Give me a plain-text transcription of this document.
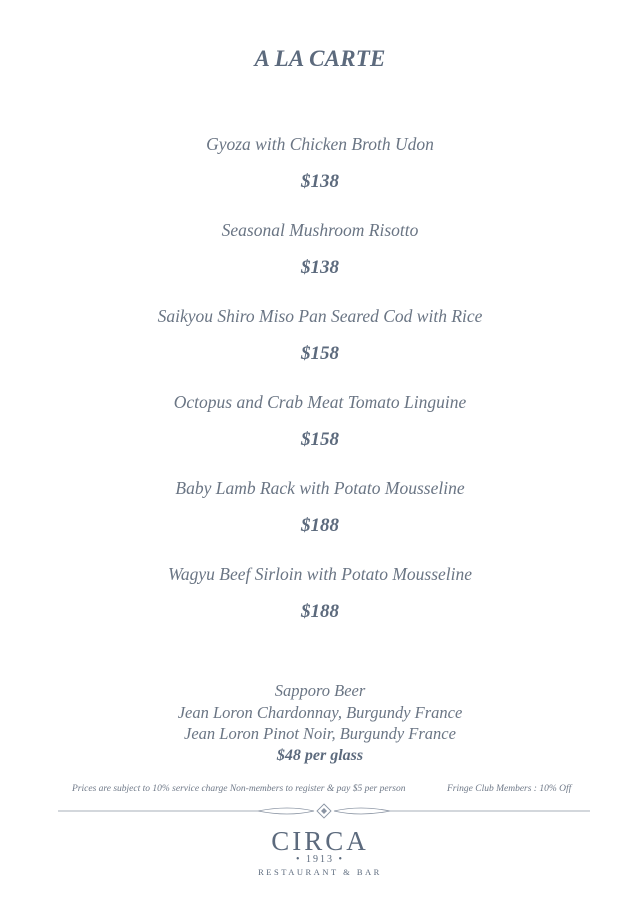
A LA CARTE
Gyoza with Chicken Broth Udon
$138
Seasonal Mushroom Risotto
$138
Saikyou Shiro Miso Pan Seared Cod with Rice
$158
Octopus and Crab Meat Tomato Linguine
$158
Baby Lamb Rack with Potato Mousseline
$188
Wagyu Beef Sirloin with Potato Mousseline
$188
Sapporo Beer
Jean Loron Chardonnay, Burgundy France
Jean Loron Pinot Noir, Burgundy France
$48 per glass
Prices are subject to 10% service charge Non-members to register & pay $5 per person	Fringe Club Members : 10% Off
CIRCA
• 1913 •
RESTAURANT & BAR
